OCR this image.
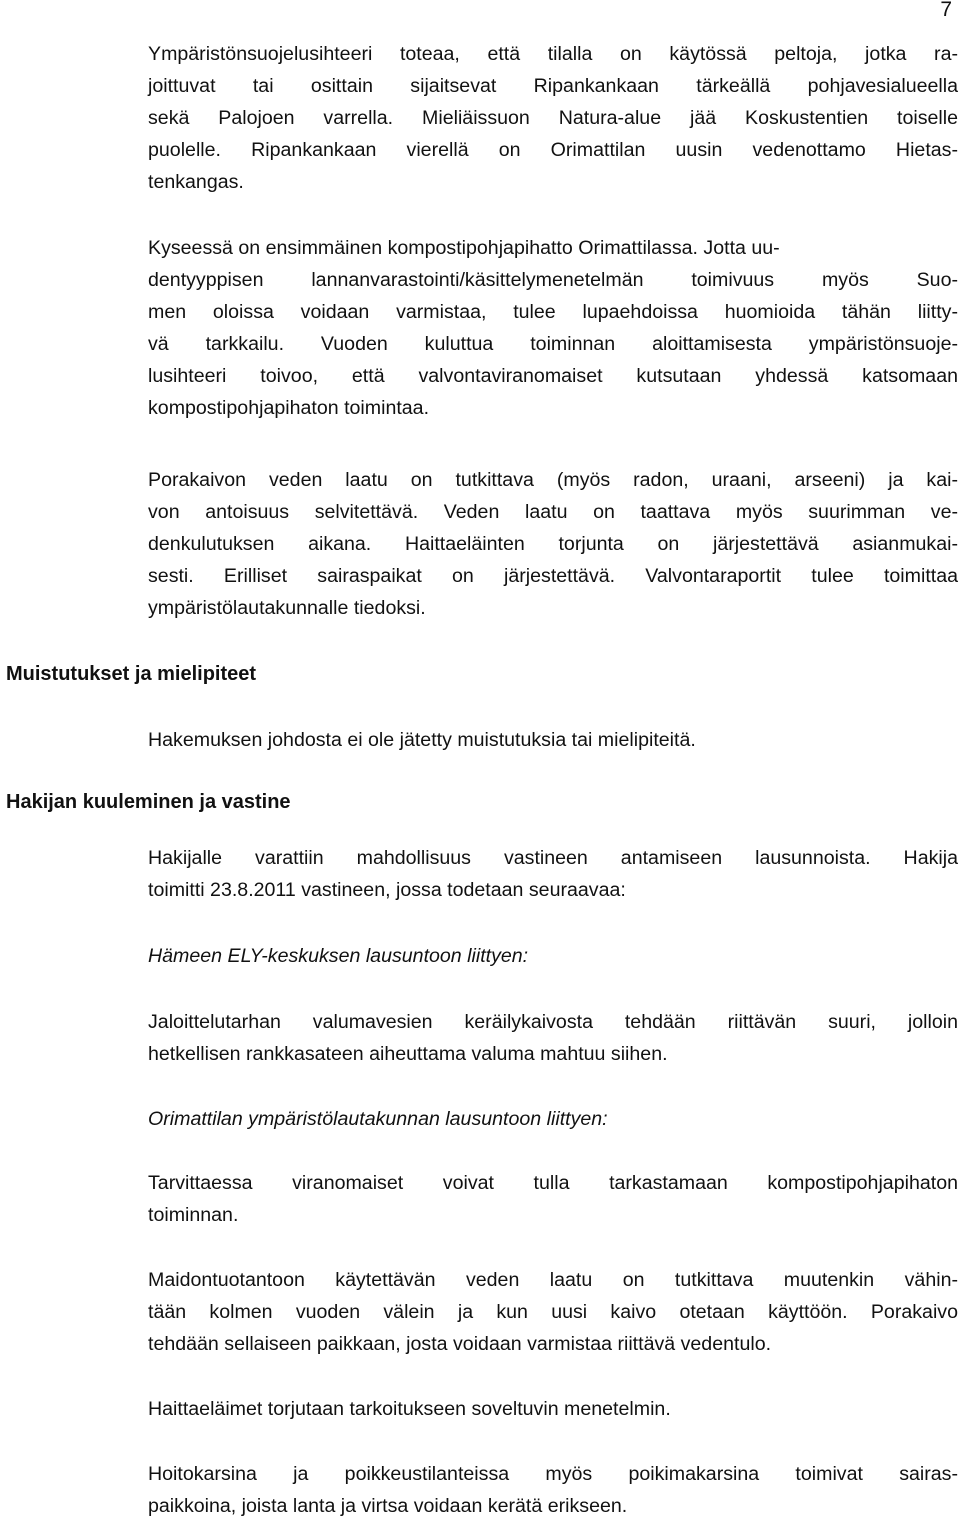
7
Ympäristönsuojelusihteeri toteaa, että tilalla on käytössä peltoja, jotka ra-
joittuvat tai osittain sijaitsevat Ripankankaan tärkeällä pohjavesialueella
sekä Palojoen varrella. Mieliäissuon Natura-alue jää Koskustentien toiselle
puolelle. Ripankankaan vierellä on Orimattilan uusin vedenottamo Hietas-
tenkangas.
Kyseessä on ensimmäinen kompostipohjapihatto Orimattilassa. Jotta uu-
dentyyppisen lannanvarastointi/käsittelymenetelmän toimivuus myös Suo-
men oloissa voidaan varmistaa, tulee lupaehdoissa huomioida tähän liitty-
vä tarkkailu. Vuoden kuluttua toiminnan aloittamisesta ympäristönsuoje-
lusihteeri toivoo, että valvontaviranomaiset kutsutaan yhdessä katsomaan
kompostipohjapihaton toimintaa.
Porakaivon veden laatu on tutkittava (myös radon, uraani, arseeni) ja kai-
von antoisuus selvitettävä. Veden laatu on taattava myös suurimman ve-
denkulutuksen aikana. Haittaeläinten torjunta on järjestettävä asianmukai-
sesti. Erilliset sairaspaikat on järjestettävä. Valvontaraportit tulee toimittaa
ympäristölautakunnalle tiedoksi.
Muistutukset ja mielipiteet
Hakemuksen johdosta ei ole jätetty muistutuksia tai mielipiteitä.
Hakijan kuuleminen ja vastine
Hakijalle varattiin mahdollisuus vastineen antamiseen lausunnoista. Hakija
toimitti 23.8.2011 vastineen, jossa todetaan seuraavaa:
Hämeen ELY-keskuksen lausuntoon liittyen:
Jaloittelutarhan valumavesien keräilykaivosta tehdään riittävän suuri, jolloin
hetkellisen rankkasateen aiheuttama valuma mahtuu siihen.
Orimattilan ympäristölautakunnan lausuntoon liittyen:
Tarvittaessa viranomaiset voivat tulla tarkastamaan kompostipohjapihaton
toiminnan.
Maidontuotantoon käytettävän veden laatu on tutkittava muutenkin vähin-
tään kolmen vuoden välein ja kun uusi kaivo otetaan käyttöön. Porakaivo
tehdään sellaiseen paikkaan, josta voidaan varmistaa riittävä vedentulo.
Haittaeläimet torjutaan tarkoitukseen soveltuvin menetelmin.
Hoitokarsina ja poikkeustilanteissa myös poikimakarsina toimivat sairas-
paikkoina, joista lanta ja virtsa voidaan kerätä erikseen.
